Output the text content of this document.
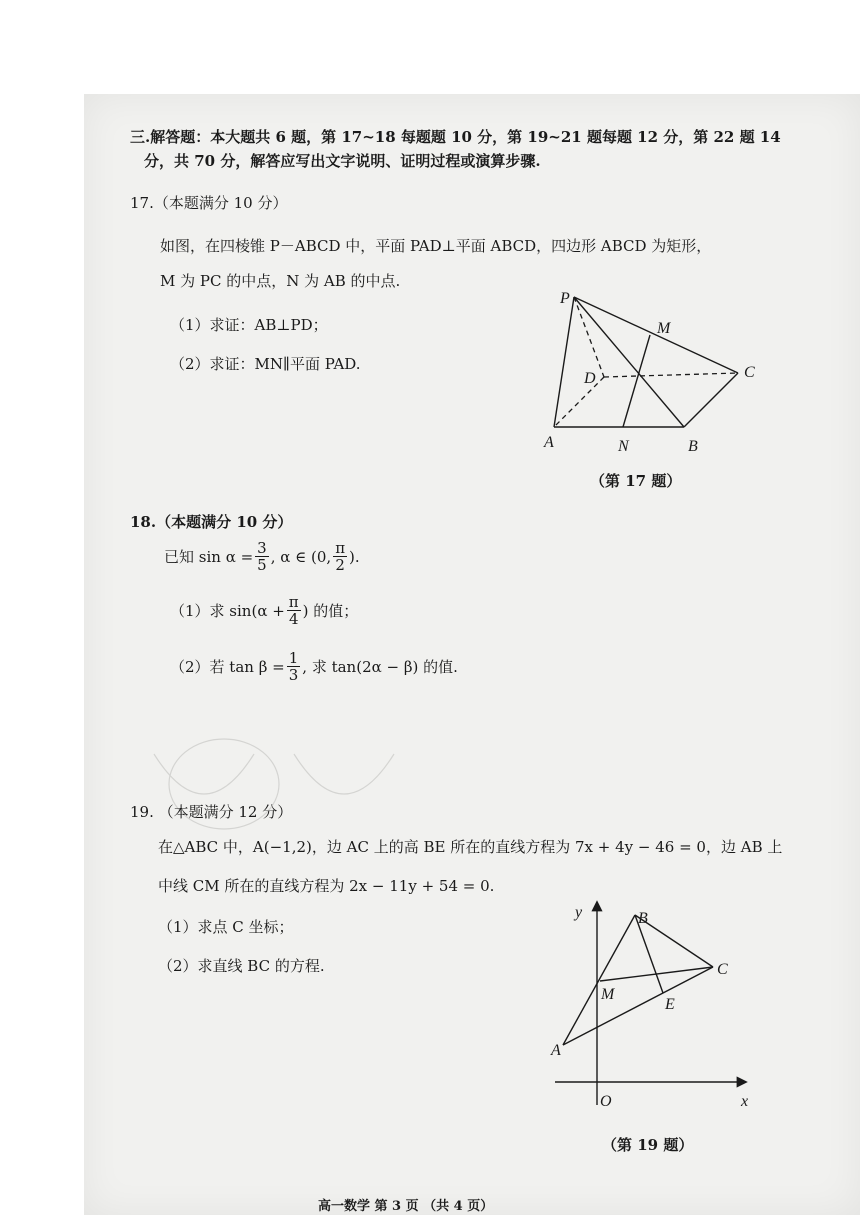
三.解答题：本大题共 6 题，第 17~18 每题题 10 分，第 19~21 题每题 12 分，第 22 题 14
分，共 70 分，解答应写出文字说明、证明过程或演算步骤.
17.（本题满分 10 分）
如图，在四棱锥 P－ABCD 中，平面 PAD⊥平面 ABCD，四边形 ABCD 为矩形，
M 为 PC 的中点，N 为 AB 的中点.
（1）求证：AB⊥PD；
（2）求证：MN∥平面 PAD.
P
M
D	C
A	N	B
（第 17 题）
18.（本题满分 10 分）
已知 $\sin \alpha = \frac{3}{5}$ , α ∈ (0, $\frac{\pi}{2}$ ).
（1）求 $\sin(\alpha + \frac{\pi}{4}$ ) 的值；
（2）若 $\tan \beta = \frac{1}{3}$ , 求 tan(2α − β) 的值.
19. （本题满分 12 分）
在△ABC 中，A(−1,2)，边 AC 上的高 BE 所在的直线方程为 7x + 4y − 46 = 0，边 AB 上
中线 CM 所在的直线方程为 2x − 11y + 54 = 0.
（1）求点 C 坐标；
（2）求直线 BC 的方程.
y
x
O
A
B
C
M
E
（第 19 题）
高一数学 第 3 页 （共 4 页）
